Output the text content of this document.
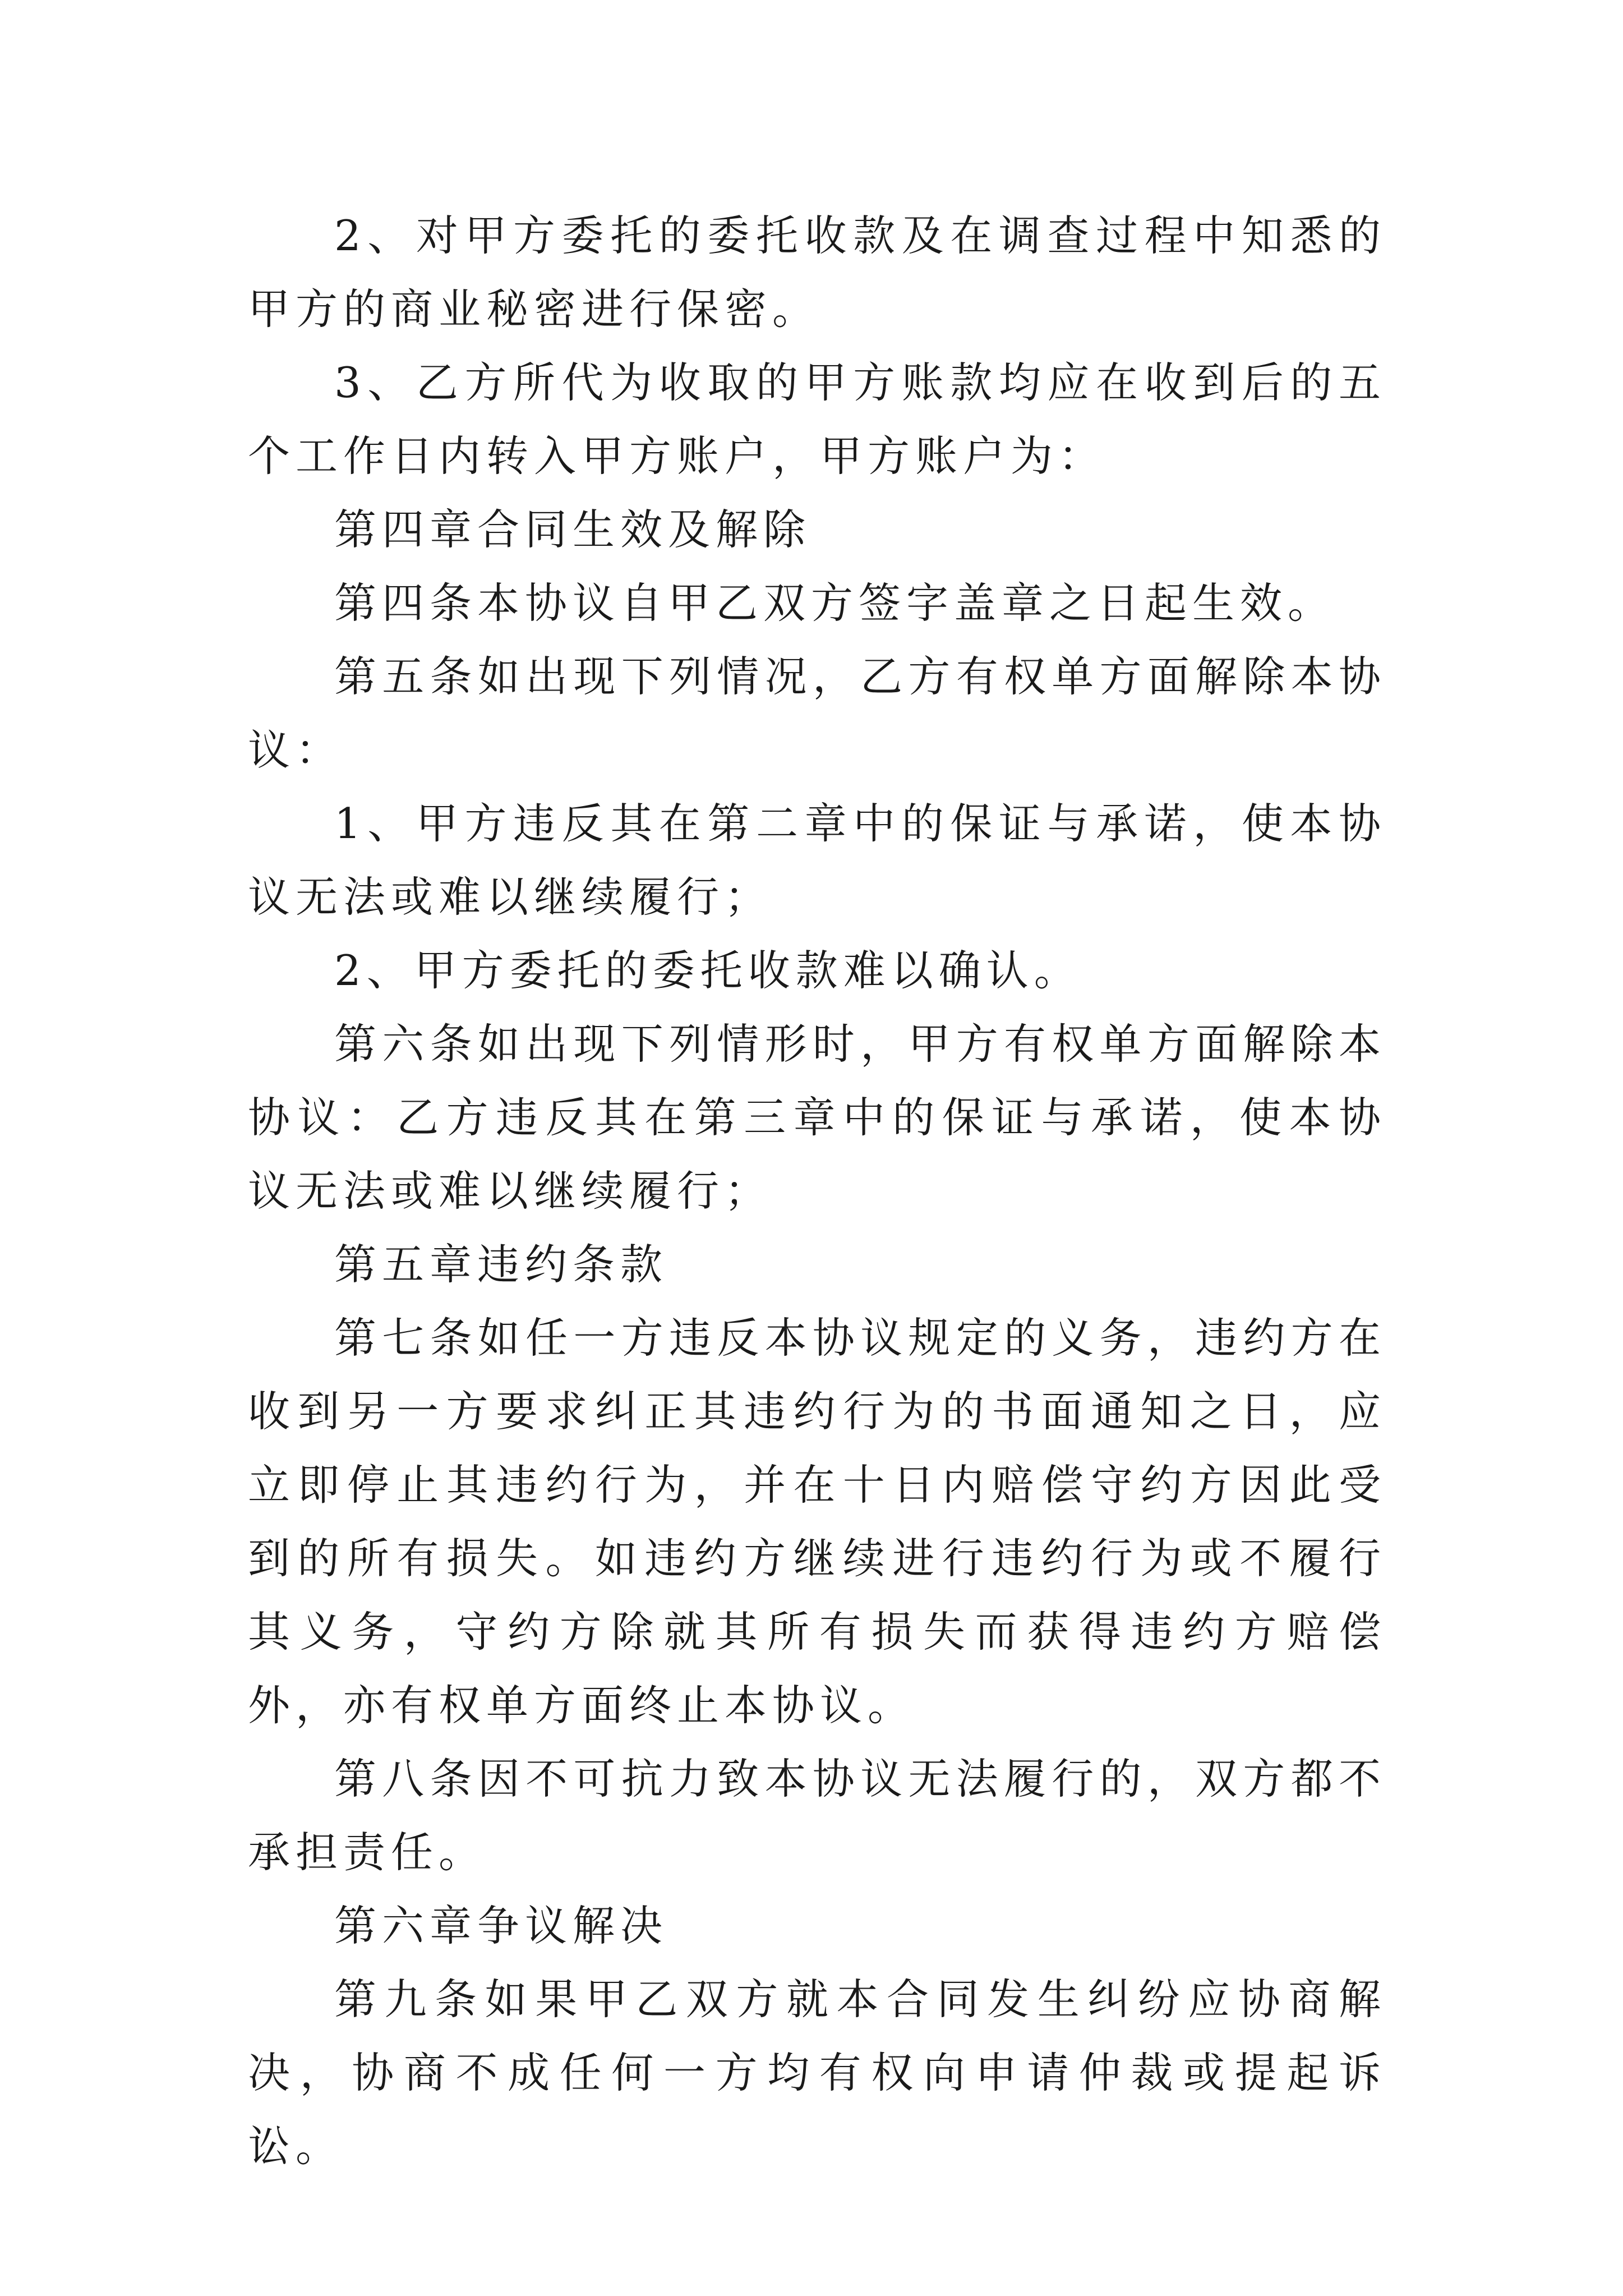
2、对甲方委托的委托收款及在调查过程中知悉的甲方的商业秘密进行保密。

3、乙方所代为收取的甲方账款均应在收到后的五个工作日内转入甲方账户，甲方账户为：

第四章合同生效及解除

第四条本协议自甲乙双方签字盖章之日起生效。

第五条如出现下列情况，乙方有权单方面解除本协议：

1、甲方违反其在第二章中的保证与承诺，使本协议无法或难以继续履行；

2、甲方委托的委托收款难以确认。

第六条如出现下列情形时，甲方有权单方面解除本协议：乙方违反其在第三章中的保证与承诺，使本协议无法或难以继续履行；

第五章违约条款

第七条如任一方违反本协议规定的义务，违约方在收到另一方要求纠正其违约行为的书面通知之日，应立即停止其违约行为，并在十日内赔偿守约方因此受到的所有损失。如违约方继续进行违约行为或不履行其义务，守约方除就其所有损失而获得违约方赔偿外，亦有权单方面终止本协议。

第八条因不可抗力致本协议无法履行的，双方都不承担责任。

第六章争议解决

第九条如果甲乙双方就本合同发生纠纷应协商解决，协商不成任何一方均有权向申请仲裁或提起诉讼。
